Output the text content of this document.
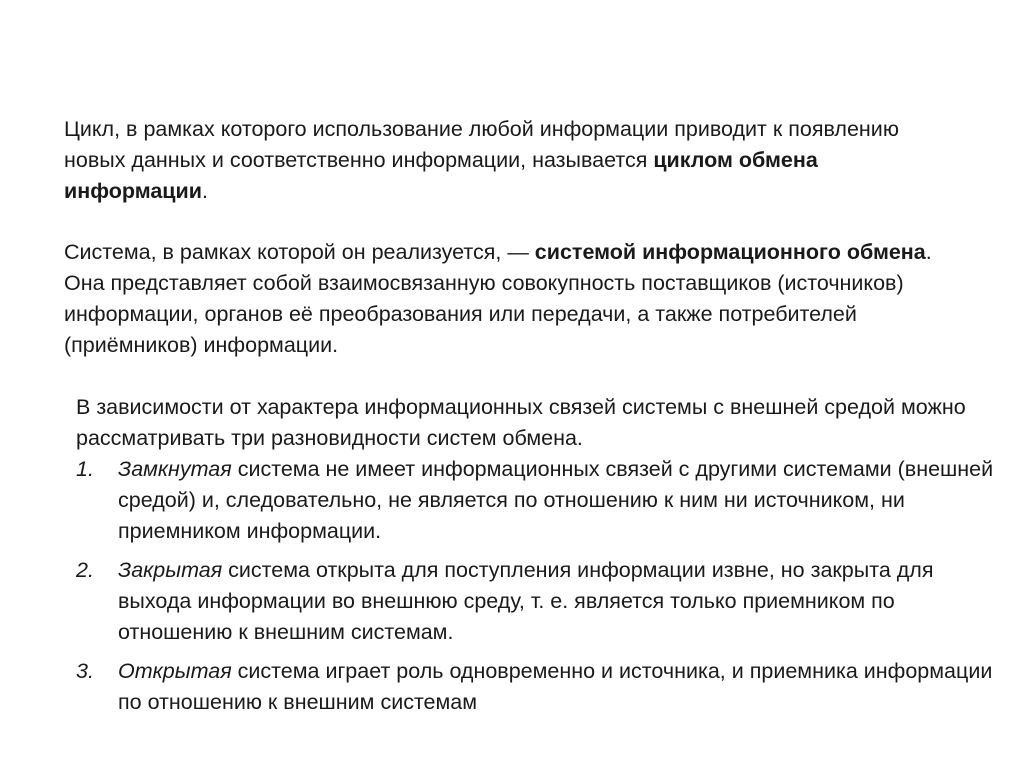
Цикл, в рамках которого использование любой информации приводит к появлению новых данных и соответственно информации, называется циклом обмена информации.

Система, в рамках которой он реализуется, — системой информационного обмена. Она представляет собой взаимосвязанную совокупность поставщиков (источников) информации, органов её преобразования или передачи, а также потребителей (приёмников) информации.

В зависимости от характера информационных связей системы с внешней средой можно рассматривать три разновидности систем обмена.

1. Замкнутая система не имеет информационных связей с другими системами (внешней средой) и, следовательно, не является по отношению к ним ни источником, ни приемником информации.
2. Закрытая система открыта для поступления информации извне, но закрыта для выхода информации во внешнюю среду, т. е. является только приемником по отношению к внешним системам.
3. Открытая система играет роль одновременно и источника, и приемника информации по отношению к внешним системам
